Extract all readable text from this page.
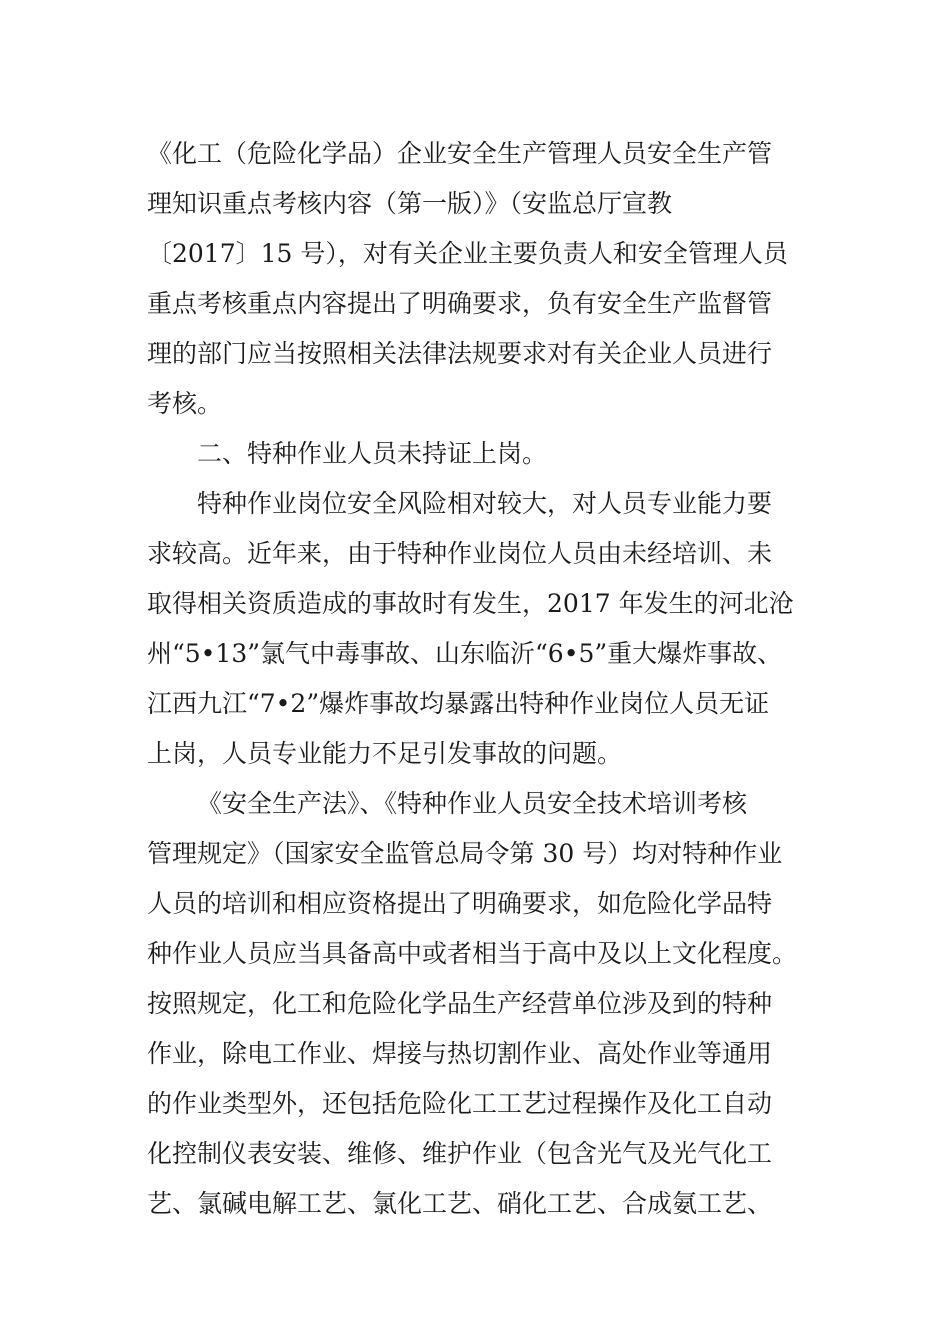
《化工（危险化学品）企业安全生产管理人员安全生产管
理知识重点考核内容（第一版）》（安监总厅宣教
〔2017〕15 号），对有关企业主要负责人和安全管理人员
重点考核重点内容提出了明确要求，负有安全生产监督管
理的部门应当按照相关法律法规要求对有关企业人员进行
考核。
二、特种作业人员未持证上岗。
特种作业岗位安全风险相对较大，对人员专业能力要
求较高。近年来，由于特种作业岗位人员由未经培训、未
取得相关资质造成的事故时有发生，2017 年发生的河北沧
州“5•13”氯气中毒事故、山东临沂“6•5”重大爆炸事故、
江西九江“7•2”爆炸事故均暴露出特种作业岗位人员无证
上岗，人员专业能力不足引发事故的问题。
《安全生产法》、《特种作业人员安全技术培训考核
管理规定》（国家安全监管总局令第 30 号）均对特种作业
人员的培训和相应资格提出了明确要求，如危险化学品特
种作业人员应当具备高中或者相当于高中及以上文化程度。
按照规定，化工和危险化学品生产经营单位涉及到的特种
作业，除电工作业、焊接与热切割作业、高处作业等通用
的作业类型外，还包括危险化工工艺过程操作及化工自动
化控制仪表安装、维修、维护作业（包含光气及光气化工
艺、氯碱电解工艺、氯化工艺、硝化工艺、合成氨工艺、
